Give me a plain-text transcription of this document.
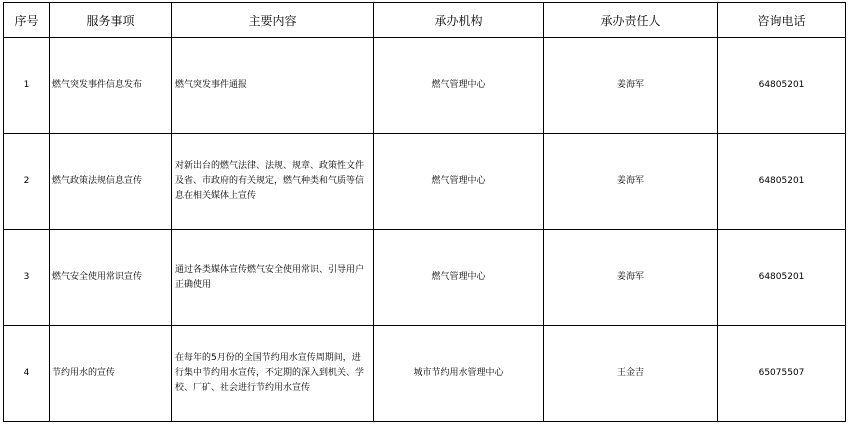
序号	服务事项	主要内容	承办机构	承办责任人	咨询电话
1	燃气突发事件信息发布	燃气突发事件通报	燃气管理中心	姜海军	64805201
2	燃气政策法规信息宣传	对新出台的燃气法律、法规、规章、政策性文件及省、市政府的有关规定，燃气种类和气质等信息在相关媒体上宣传	燃气管理中心	姜海军	64805201
3	燃气安全使用常识宣传	通过各类媒体宣传燃气安全使用常识、引导用户正确使用	燃气管理中心	姜海军	64805201
4	节约用水的宣传	在每年的5月份的全国节约用水宣传周期间，进行集中节约用水宣传，不定期的深入到机关、学校、厂矿、社会进行节约用水宣传	城市节约用水管理中心	王金吉	65075507
